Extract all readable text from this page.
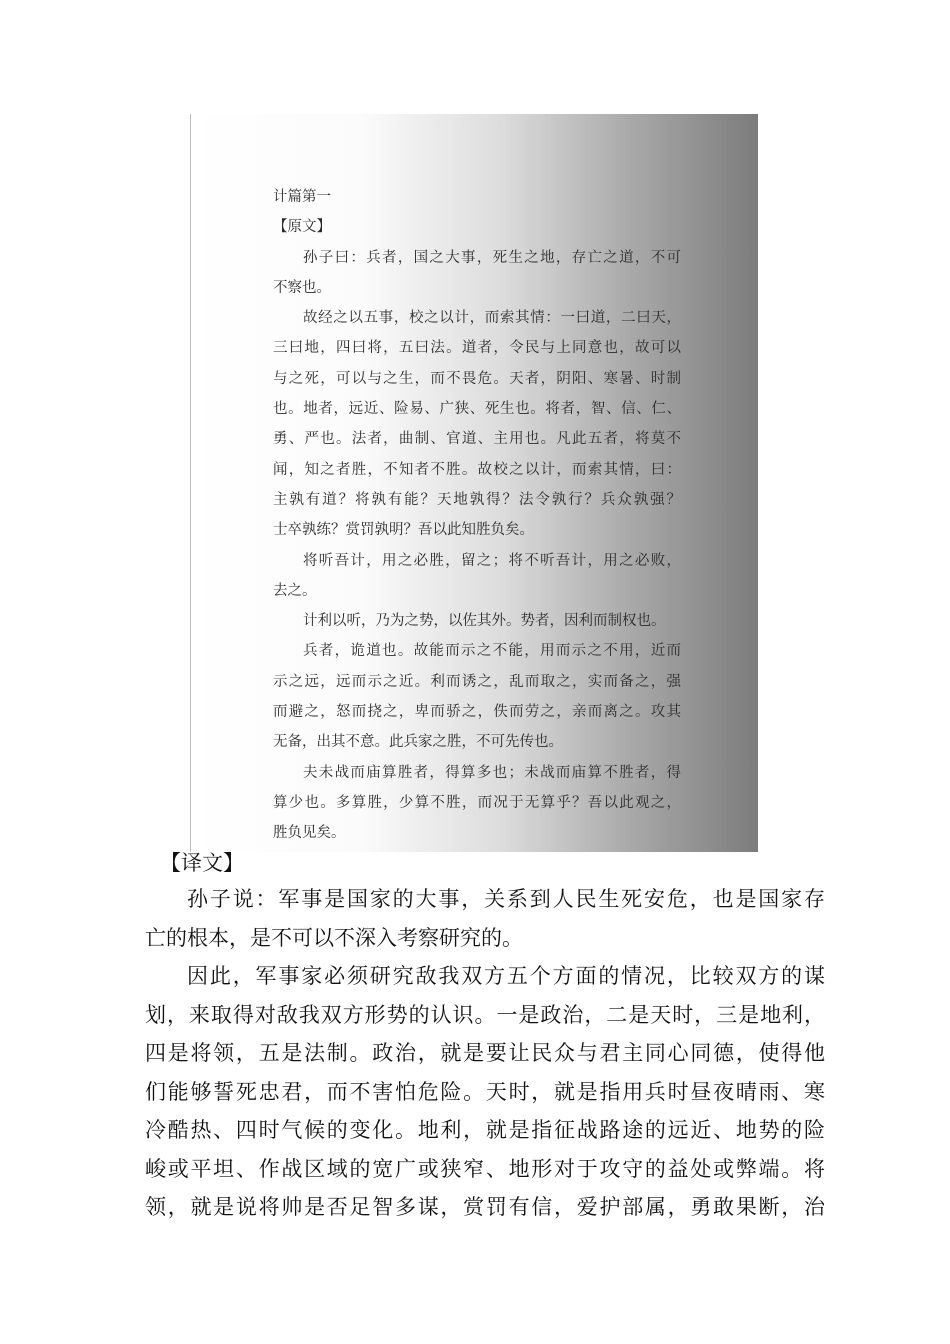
计篇第一
【原文】
孙子曰：兵者，国之大事，死生之地，存亡之道，不可
不察也。
故经之以五事，校之以计，而索其情：一曰道，二曰天，
三曰地，四曰将，五曰法。道者，令民与上同意也，故可以
与之死，可以与之生，而不畏危。天者，阴阳、寒暑、时制
也。地者，远近、险易、广狭、死生也。将者，智、信、仁、
勇、严也。法者，曲制、官道、主用也。凡此五者，将莫不
闻，知之者胜，不知者不胜。故校之以计，而索其情，曰：
主孰有道？将孰有能？天地孰得？法令孰行？兵众孰强？
士卒孰练？赏罚孰明？吾以此知胜负矣。
将听吾计，用之必胜，留之；将不听吾计，用之必败，
去之。
计利以听，乃为之势，以佐其外。势者，因利而制权也。
兵者，诡道也。故能而示之不能，用而示之不用，近而
示之远，远而示之近。利而诱之，乱而取之，实而备之，强
而避之，怒而挠之，卑而骄之，佚而劳之，亲而离之。攻其
无备，出其不意。此兵家之胜，不可先传也。
夫未战而庙算胜者，得算多也；未战而庙算不胜者，得
算少也。多算胜，少算不胜，而况于无算乎？吾以此观之，
胜负见矣。
【译文】
孙子说：军事是国家的大事，关系到人民生死安危，也是国家存
亡的根本，是不可以不深入考察研究的。
因此，军事家必须研究敌我双方五个方面的情况，比较双方的谋
划，来取得对敌我双方形势的认识。一是政治，二是天时，三是地利，
四是将领，五是法制。政治，就是要让民众与君主同心同德，使得他
们能够誓死忠君，而不害怕危险。天时，就是指用兵时昼夜晴雨、寒
冷酷热、四时气候的变化。地利，就是指征战路途的远近、地势的险
峻或平坦、作战区域的宽广或狭窄、地形对于攻守的益处或弊端。将
领，就是说将帅是否足智多谋，赏罚有信，爱护部属，勇敢果断，治
